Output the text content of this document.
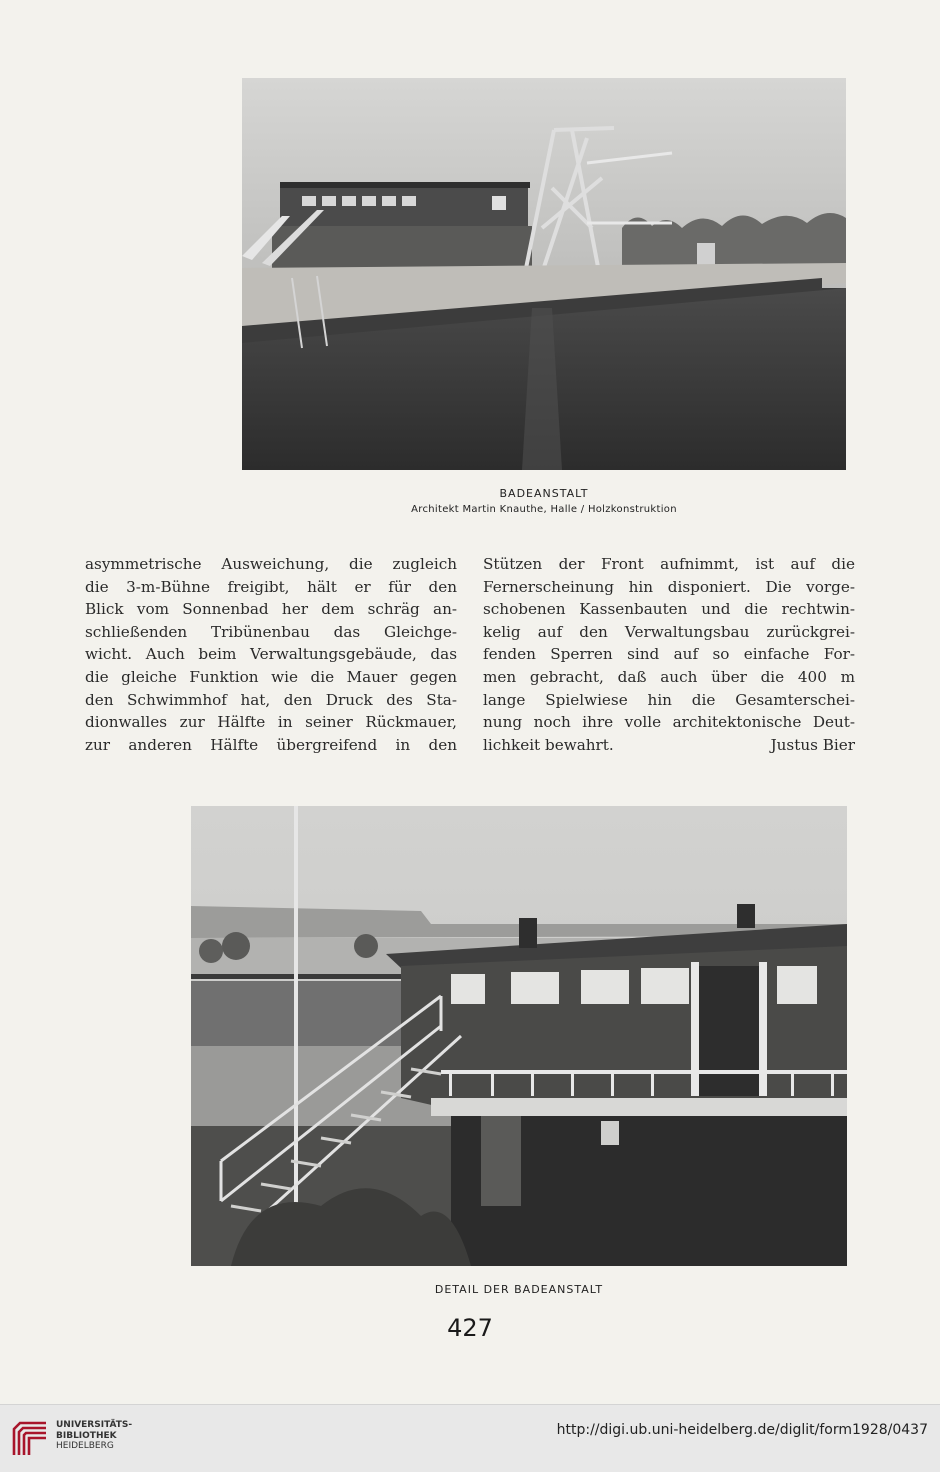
BADEANSTALT
Architekt Martin Knauthe, Halle / Holzkonstruktion
asymmetrische Ausweichung, die zugleich
die 3-m-Bühne freigibt, hält er für den
Blick vom Sonnenbad her dem schräg an-
schließenden Tribünenbau das Gleichge-
wicht. Auch beim Verwaltungsgebäude, das
die gleiche Funktion wie die Mauer gegen
den Schwimmhof hat, den Druck des Sta-
dionwalles zur Hälfte in seiner Rückmauer,
zur anderen Hälfte übergreifend in den
Stützen der Front aufnimmt, ist auf die
Fernerscheinung hin disponiert. Die vorge-
schobenen Kassenbauten und die rechtwin-
kelig auf den Verwaltungsbau zurückgrei-
fenden Sperren sind auf so einfache For-
men gebracht, daß auch über die 400 m
lange Spielwiese hin die Gesamterschei-
nung noch ihre volle architektonische Deut-
lichkeit bewahrt.	Justus Bier
DETAIL DER BADEANSTALT
427
UNIVERSITÄTS-
BIBLIOTHEK
HEIDELBERG
http://digi.ub.uni-heidelberg.de/diglit/form1928/0437
